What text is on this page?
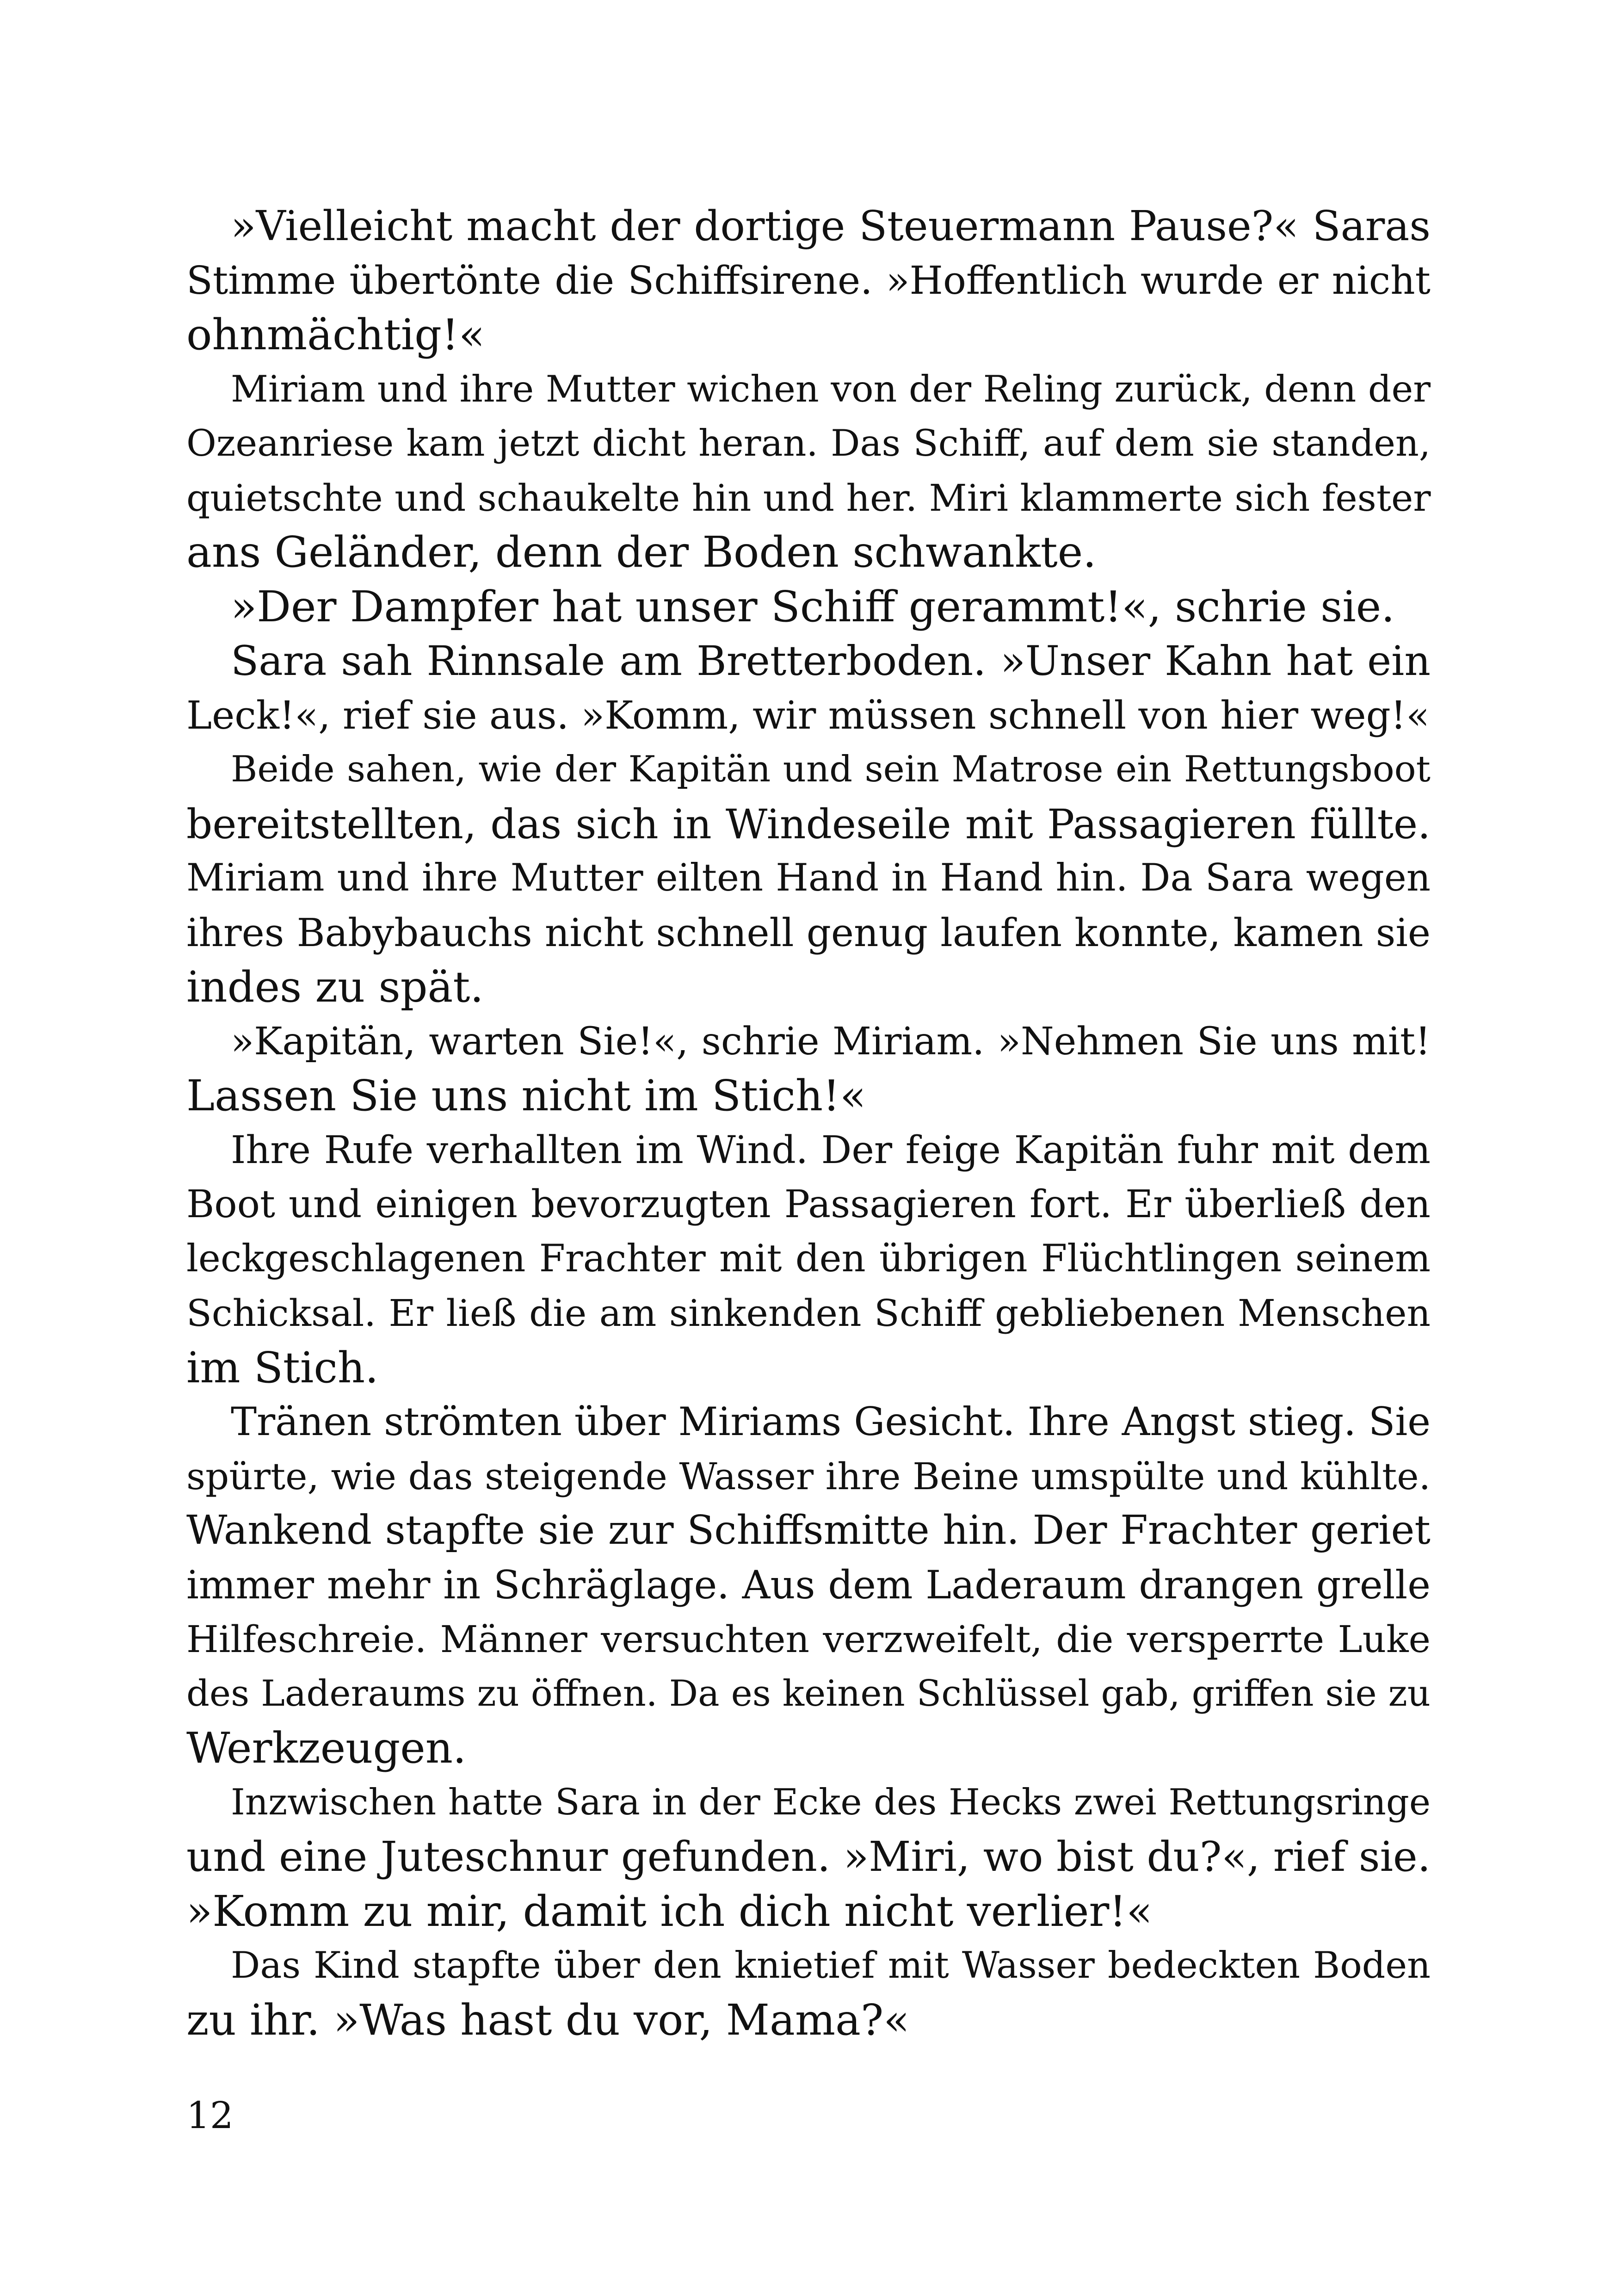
»Vielleicht macht der dortige Steuermann Pause?« Saras
Stimme übertönte die Schiffsirene. »Hoffentlich wurde er nicht
ohnmächtig!«
Miriam und ihre Mutter wichen von der Reling zurück, denn der
Ozeanriese kam jetzt dicht heran. Das Schiff, auf dem sie standen,
quietschte und schaukelte hin und her. Miri klammerte sich fester
ans Geländer, denn der Boden schwankte.
»Der Dampfer hat unser Schiff gerammt!«, schrie sie.
Sara sah Rinnsale am Bretterboden. »Unser Kahn hat ein
Leck!«, rief sie aus. »Komm, wir müssen schnell von hier weg!«
Beide sahen, wie der Kapitän und sein Matrose ein Rettungsboot
bereitstellten, das sich in Windeseile mit Passagieren füllte.
Miriam und ihre Mutter eilten Hand in Hand hin. Da Sara wegen
ihres Babybauchs nicht schnell genug laufen konnte, kamen sie
indes zu spät.
»Kapitän, warten Sie!«, schrie Miriam. »Nehmen Sie uns mit!
Lassen Sie uns nicht im Stich!«
Ihre Rufe verhallten im Wind. Der feige Kapitän fuhr mit dem
Boot und einigen bevorzugten Passagieren fort. Er überließ den
leckgeschlagenen Frachter mit den übrigen Flüchtlingen seinem
Schicksal. Er ließ die am sinkenden Schiff gebliebenen Menschen
im Stich.
Tränen strömten über Miriams Gesicht. Ihre Angst stieg. Sie
spürte, wie das steigende Wasser ihre Beine umspülte und kühlte.
Wankend stapfte sie zur Schiffsmitte hin. Der Frachter geriet
immer mehr in Schräglage. Aus dem Laderaum drangen grelle
Hilfeschreie. Männer versuchten verzweifelt, die versperrte Luke
des Laderaums zu öffnen. Da es keinen Schlüssel gab, griffen sie zu
Werkzeugen.
Inzwischen hatte Sara in der Ecke des Hecks zwei Rettungsringe
und eine Juteschnur gefunden. »Miri, wo bist du?«, rief sie.
»Komm zu mir, damit ich dich nicht verlier!«
Das Kind stapfte über den knietief mit Wasser bedeckten Boden
zu ihr. »Was hast du vor, Mama?«
12
